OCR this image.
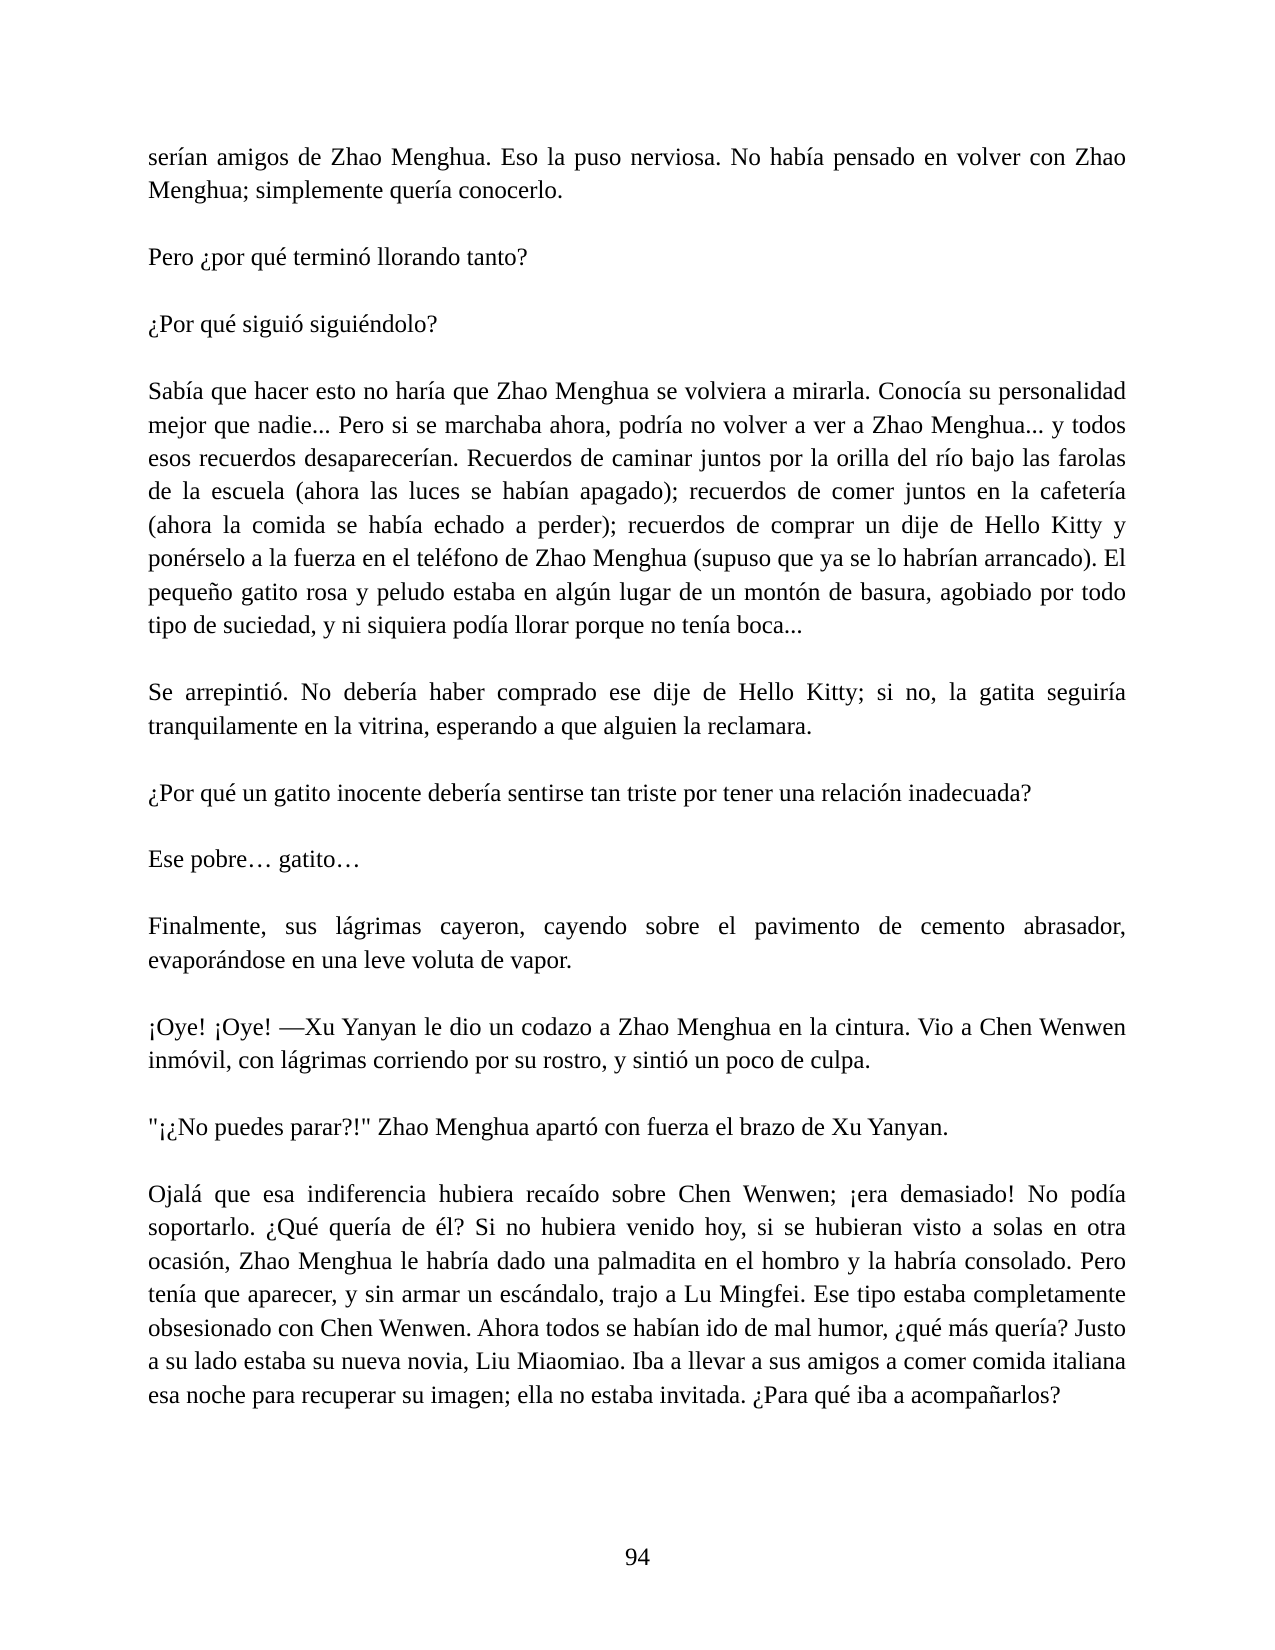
serían amigos de Zhao Menghua. Eso la puso nerviosa. No había pensado en volver con Zhao Menghua; simplemente quería conocerlo.

Pero ¿por qué terminó llorando tanto?

¿Por qué siguió siguiéndolo?

Sabía que hacer esto no haría que Zhao Menghua se volviera a mirarla. Conocía su personalidad mejor que nadie... Pero si se marchaba ahora, podría no volver a ver a Zhao Menghua... y todos esos recuerdos desaparecerían. Recuerdos de caminar juntos por la orilla del río bajo las farolas de la escuela (ahora las luces se habían apagado); recuerdos de comer juntos en la cafetería (ahora la comida se había echado a perder); recuerdos de comprar un dije de Hello Kitty y ponérselo a la fuerza en el teléfono de Zhao Menghua (supuso que ya se lo habrían arrancado). El pequeño gatito rosa y peludo estaba en algún lugar de un montón de basura, agobiado por todo tipo de suciedad, y ni siquiera podía llorar porque no tenía boca...

Se arrepintió. No debería haber comprado ese dije de Hello Kitty; si no, la gatita seguiría tranquilamente en la vitrina, esperando a que alguien la reclamara.

¿Por qué un gatito inocente debería sentirse tan triste por tener una relación inadecuada?

Ese pobre… gatito…

Finalmente, sus lágrimas cayeron, cayendo sobre el pavimento de cemento abrasador, evaporándose en una leve voluta de vapor.

¡Oye! ¡Oye! —Xu Yanyan le dio un codazo a Zhao Menghua en la cintura. Vio a Chen Wenwen inmóvil, con lágrimas corriendo por su rostro, y sintió un poco de culpa.

"¡¿No puedes parar?!" Zhao Menghua apartó con fuerza el brazo de Xu Yanyan.

Ojalá que esa indiferencia hubiera recaído sobre Chen Wenwen; ¡era demasiado! No podía soportarlo. ¿Qué quería de él? Si no hubiera venido hoy, si se hubieran visto a solas en otra ocasión, Zhao Menghua le habría dado una palmadita en el hombro y la habría consolado. Pero tenía que aparecer, y sin armar un escándalo, trajo a Lu Mingfei. Ese tipo estaba completamente obsesionado con Chen Wenwen. Ahora todos se habían ido de mal humor, ¿qué más quería? Justo a su lado estaba su nueva novia, Liu Miaomiao. Iba a llevar a sus amigos a comer comida italiana esa noche para recuperar su imagen; ella no estaba invitada. ¿Para qué iba a acompañarlos?

94
